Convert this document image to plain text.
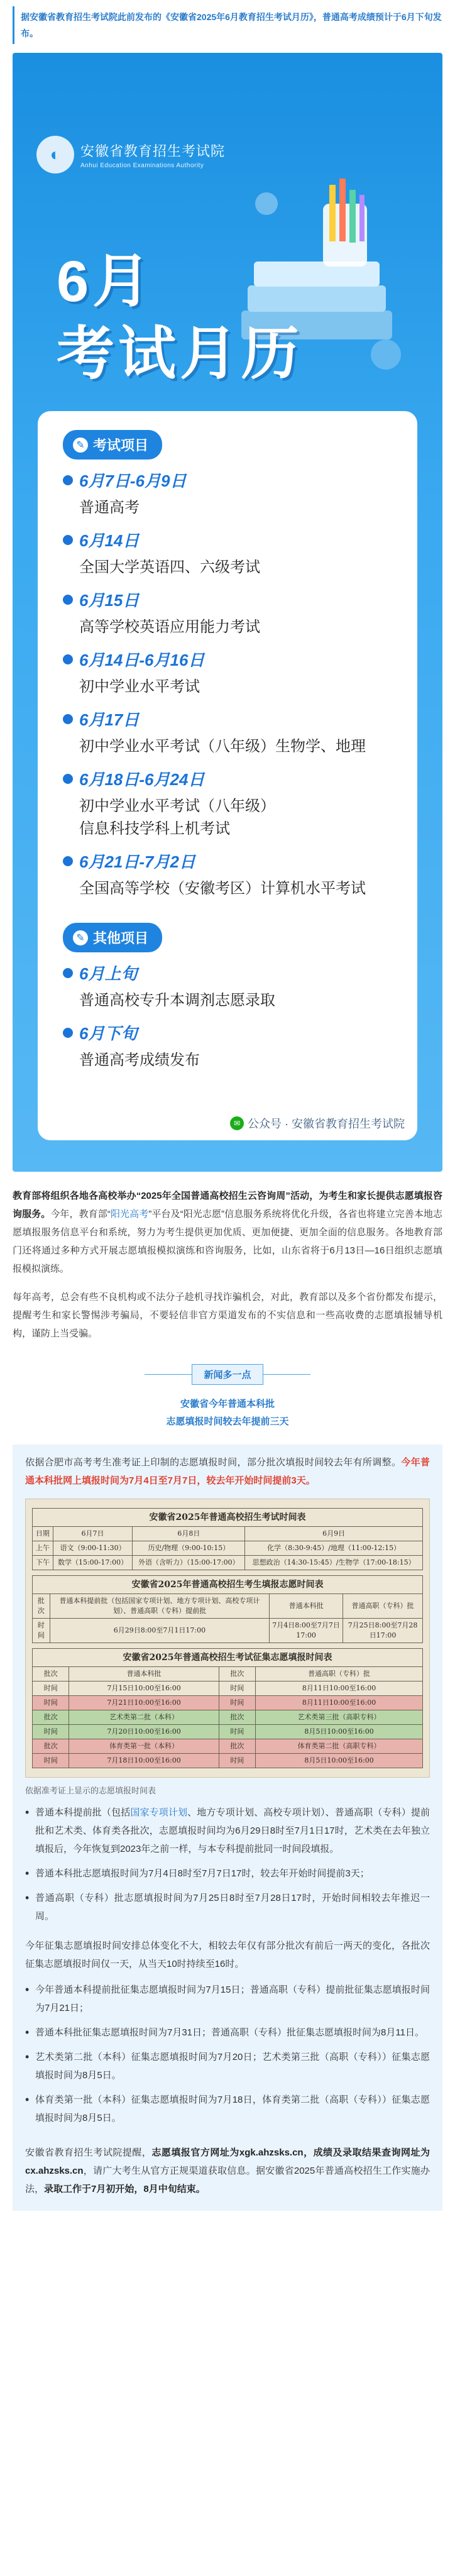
据安徽省教育招生考试院此前发布的《安徽省2025年6月教育招生考试月历》，普通高考成绩预计于6月下旬发布。
◐	安徽省教育招生考试院
Anhui Education Examinations Authority
6月
考试月历
✎ 考试项目
6月7日-6月9日
普通高考
6月14日
全国大学英语四、六级考试
6月15日
高等学校英语应用能力考试
6月14日-6月16日
初中学业水平考试
6月17日
初中学业水平考试（八年级）生物学、地理
6月18日-6月24日
初中学业水平考试（八年级）
信息科技学科上机考试
6月21日-7月2日
全国高等学校（安徽考区）计算机水平考试
✎ 其他项目
6月上旬
普通高校专升本调剂志愿录取
6月下旬
普通高考成绩发布
✉ 公众号 · 安徽省教育招生考试院
教育部将组织各地各高校举办“2025年全国普通高校招生云咨询周”活动，为考生和家长提供志愿填报咨询服务。今年，教育部“阳光高考”平台及“阳光志愿”信息服务系统将优化升级，各省也将建立完善本地志愿填报服务信息平台和系统，努力为考生提供更加优质、更加便捷、更加全面的信息服务。各地教育部门还将通过多种方式开展志愿填报模拟演练和咨询服务，比如，山东省将于6月13日—16日组织志愿填报模拟演练。
每年高考，总会有些不良机构或不法分子趁机寻找诈骗机会，对此，教育部以及多个省份都发布提示，提醒考生和家长警惕涉考骗局，不要轻信非官方渠道发布的不实信息和一些高收费的志愿填报辅导机构，谨防上当受骗。
新闻多一点
安徽省今年普通本科批
志愿填报时间较去年提前三天
依据合肥市高考考生准考证上印制的志愿填报时间，部分批次填报时间较去年有所调整。今年普通本科批网上填报时间为7月4日至7月7日，较去年开始时间提前3天。
安徽省2025年普通高校招生考试时间表			
日期	6月7日	6月8日	6月9日
上午	语文（9:00-11:30）	历史/物理（9:00-10:15）	化学（8:30-9:45）/地理（11:00-12:15）
下午	数学（15:00-17:00）	外语（含听力）（15:00-17:00）	思想政治（14:30-15:45）/生物学（17:00-18:15）
安徽省2025年普通高校招生考生填报志愿时间表			
批次	普通本科提前批（包括国家专项计划、地方专项计划、高校专项计划）、普通高职（专科）提前批	普通本科批	普通高职（专科）批
时间	6月29日8:00至7月1日17:00	7月4日8:00至7月7日17:00	7月25日8:00至7月28日17:00
安徽省2025年普通高校招生考试征集志愿填报时间表			
批次	普通本科批	批次	普通高职（专科）批
时间	7月15日10:00至16:00	时间	8月11日10:00至16:00
时间	7月21日10:00至16:00	时间	8月11日10:00至16:00
批次	艺术类第二批（本科）	批次	艺术类第三批（高职专科）
时间	7月20日10:00至16:00	时间	8月5日10:00至16:00
批次	体育类第一批（本科）	批次	体育类第二批（高职专科）
时间	7月18日10:00至16:00	时间	8月5日10:00至16:00
依据准考证上显示的志愿填报时间表
• 普通本科提前批（包括国家专项计划、地方专项计划、高校专项计划）、普通高职（专科）提前批和艺术类、体育类各批次，志愿填报时间均为6月29日8时至7月1日17时，艺术类在去年独立填报后，今年恢复到2023年之前一样，与本专科提前批同一时间段填报。
• 普通本科批志愿填报时间为7月4日8时至7月7日17时，较去年开始时间提前3天；
• 普通高职（专科）批志愿填报时间为7月25日8时至7月28日17时，开始时间相较去年推迟一周。
今年征集志愿填报时间安排总体变化不大，相较去年仅有部分批次有前后一两天的变化，各批次征集志愿填报时间仅一天，从当天10时持续至16时。
• 今年普通本科提前批征集志愿填报时间为7月15日；普通高职（专科）提前批征集志愿填报时间为7月21日；
• 普通本科批征集志愿填报时间为7月31日；普通高职（专科）批征集志愿填报时间为8月11日。
• 艺术类第二批（本科）征集志愿填报时间为7月20日；艺术类第三批（高职（专科））征集志愿填报时间为8月5日。
• 体育类第一批（本科）征集志愿填报时间为7月18日，体育类第二批（高职（专科））征集志愿填报时间为8月5日。
安徽省教育招生考试院提醒，志愿填报官方网址为xgk.ahzsks.cn，成绩及录取结果查询网址为cx.ahzsks.cn，请广大考生从官方正规渠道获取信息。据安徽省2025年普通高校招生工作实施办法，录取工作于7月初开始，8月中旬结束。
